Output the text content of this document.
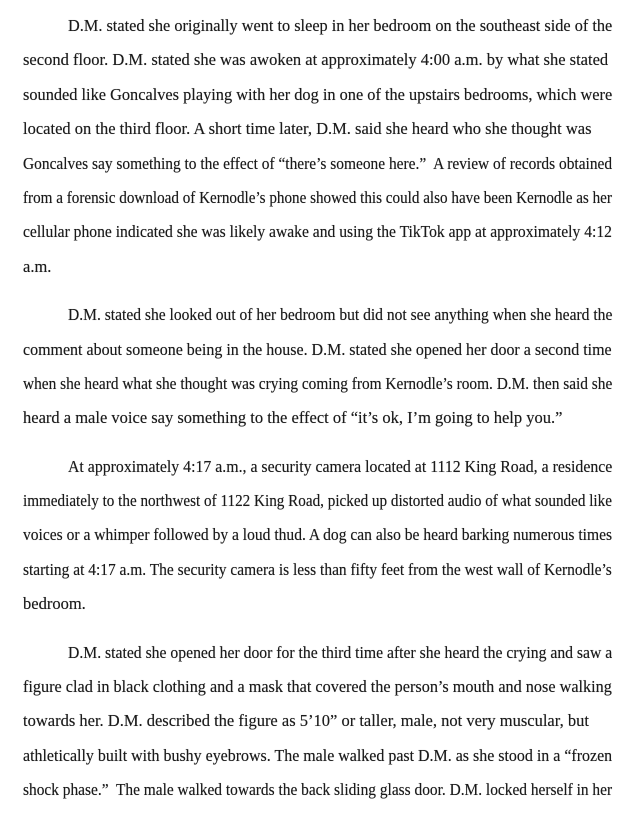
D.M. stated she originally went to sleep in her bedroom on the southeast side of the
second floor. D.M. stated she was awoken at approximately 4:00 a.m. by what she stated
sounded like Goncalves playing with her dog in one of the upstairs bedrooms, which were
located on the third floor. A short time later, D.M. said she heard who she thought was
Goncalves say something to the effect of “there’s someone here.”  A review of records obtained
from a forensic download of Kernodle’s phone showed this could also have been Kernodle as her
cellular phone indicated she was likely awake and using the TikTok app at approximately 4:12
a.m.
D.M. stated she looked out of her bedroom but did not see anything when she heard the
comment about someone being in the house. D.M. stated she opened her door a second time
when she heard what she thought was crying coming from Kernodle’s room. D.M. then said she
heard a male voice say something to the effect of “it’s ok, I’m going to help you.”
At approximately 4:17 a.m., a security camera located at 1112 King Road, a residence
immediately to the northwest of 1122 King Road, picked up distorted audio of what sounded like
voices or a whimper followed by a loud thud. A dog can also be heard barking numerous times
starting at 4:17 a.m. The security camera is less than fifty feet from the west wall of Kernodle’s
bedroom.
D.M. stated she opened her door for the third time after she heard the crying and saw a
figure clad in black clothing and a mask that covered the person’s mouth and nose walking
towards her. D.M. described the figure as 5’10” or taller, male, not very muscular, but
athletically built with bushy eyebrows. The male walked past D.M. as she stood in a “frozen
shock phase.”  The male walked towards the back sliding glass door. D.M. locked herself in her
